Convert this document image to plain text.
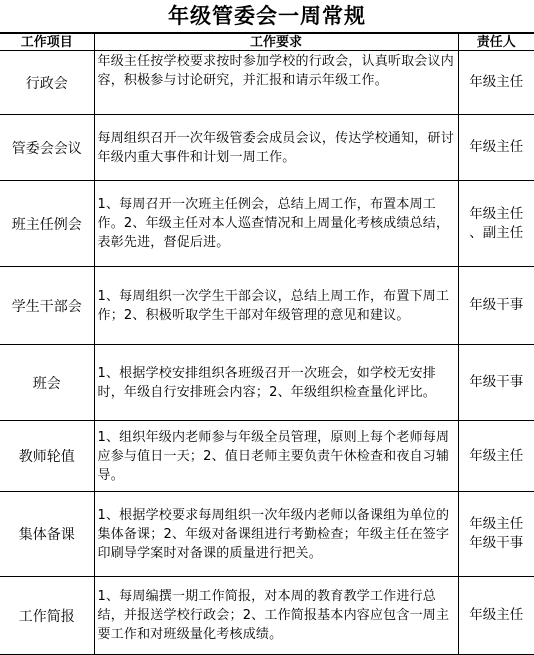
年级管委会一周常规
工作项目	工作要求	责任人
行政会	年级主任按学校要求按时参加学校的行政会，认真听取会议内容，积极参与讨论研究，并汇报和请示年级工作。	年级主任

管委会会议	每周组织召开一次年级管委会成员会议，传达学校通知，研讨年级内重大事件和计划一周工作。	年级主任

班主任例会	1、每周召开一次班主任例会，总结上周工作，布置本周工作。2、年级主任对本人巡查情况和上周量化考核成绩总结，表彰先进，督促后进。	年级主任
、副主任

学生干部会	1、每周组织一次学生干部会议，总结上周工作，布置下周工作；2、积极听取学生干部对年级管理的意见和建议。	年级干事

班会	1、根据学校安排组织各班级召开一次班会，如学校无安排时，年级自行安排班会内容；2、年级组织检查量化评比。	年级干事

教师轮值	1、组织年级内老师参与年级全员管理，原则上每个老师每周应参与值日一天；2、值日老师主要负责午休检查和夜自习辅导。	年级主任

集体备课	1、根据学校要求每周组织一次年级内老师以备课组为单位的集体备课；2、年级对备课组进行考勤检查；年级主任在签字印刷导学案时对备课的质量进行把关。	年级主任
年级干事

工作简报	1、每周编撰一期工作简报，对本周的教育教学工作进行总结，并报送学校行政会；2、工作简报基本内容应包含一周主要工作和对班级量化考核成绩。	年级主任
